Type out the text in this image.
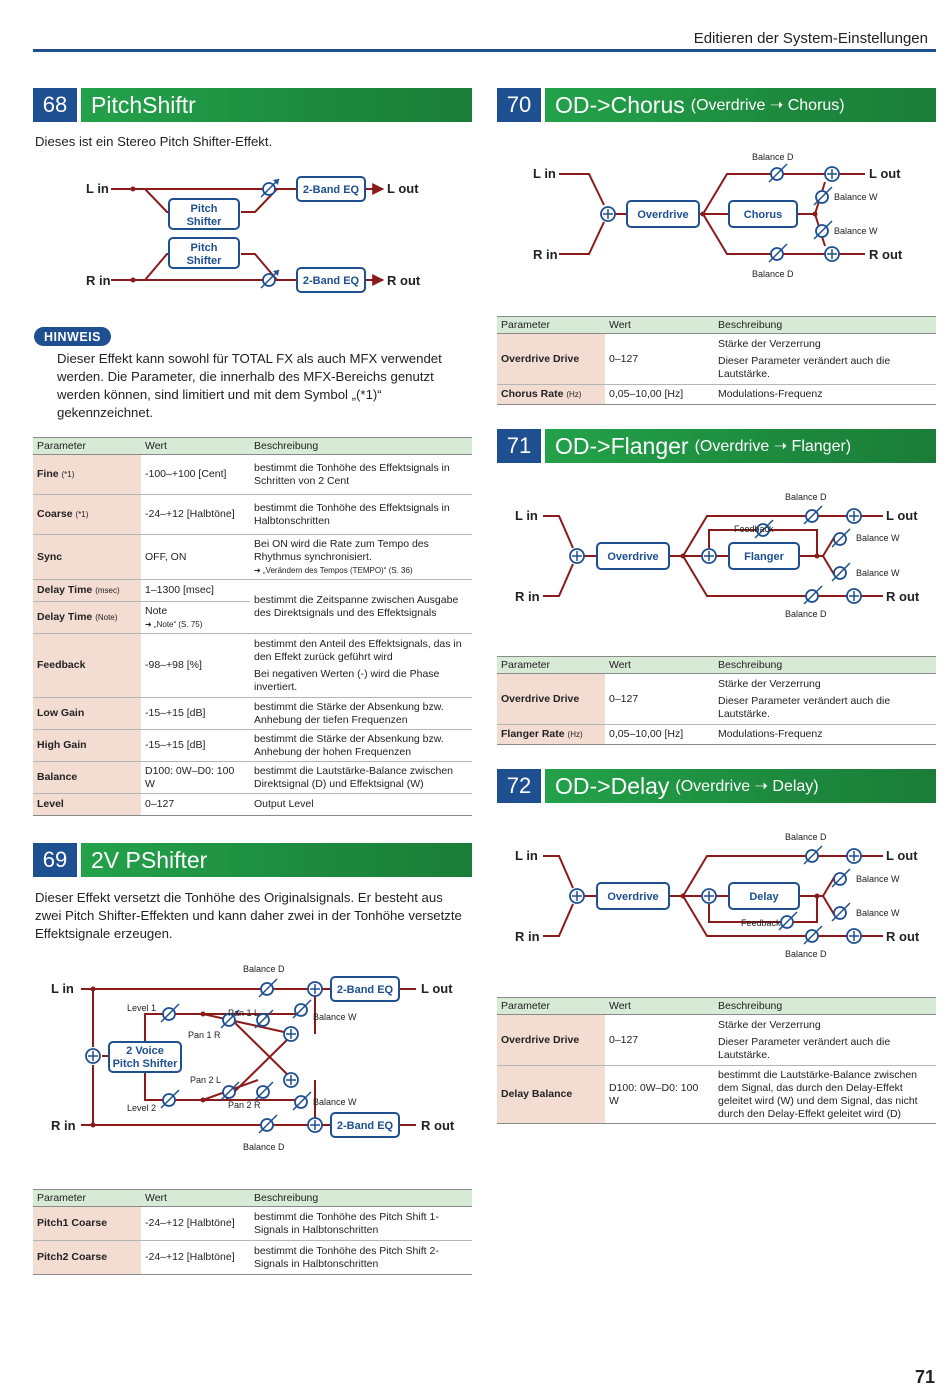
Editieren der System-Einstellungen
68	PitchShiftr
Dieses ist ein Stereo Pitch Shifter-Effekt.
Pitch
Shifter
Pitch
Shifter
2-Band EQ
2-Band EQ
L in
R in
L out
R out
HINWEIS
Dieser Effekt kann sowohl für TOTAL FX als auch MFX verwendet werden. Die Parameter, die innerhalb des MFX-Bereichs genutzt werden können, sind limitiert und mit dem Symbol „(*1)“ gekennzeichnet.
Parameter	Wert	Beschreibung
Fine (*1)	-100–+100 [Cent]	bestimmt die Tonhöhe des Effektsignals in Schritten von 2 Cent
Coarse (*1)	-24–+12 [Halbtöne]	bestimmt die Tonhöhe des Effektsignals in Halbtonschritten
Sync	OFF, ON	Bei ON wird die Rate zum Tempo des Rhythmus synchronisiert.
➜ „Verändern des Tempos (TEMPO)“ (S. 36)

Delay Time (msec)	1–1300 [msec]	bestimmt die Zeitspanne zwischen Ausgabe des Direktsignals und des Effektsignals
Delay Time (Note)	Note
➜ „Note“ (S. 75)	

Feedback	-98–+98 [%]	bestimmt den Anteil des Effektsignals, das in den Effekt zurück geführt wird
Bei negativen Werten (-) wird die Phase invertiert.

Low Gain	-15–+15 [dB]	bestimmt die Stärke der Absenkung bzw. Anhebung der tiefen Frequenzen
High Gain	-15–+15 [dB]	bestimmt die Stärke der Absenkung bzw. Anhebung der hohen Frequenzen
Balance	D100: 0W–D0: 100 W	bestimmt die Lautstärke-Balance zwischen Direktsignal (D) und Effektsignal (W)
Level	0–127	Output Level
69	2V PShifter
Dieser Effekt versetzt die Tonhöhe des Originalsignals. Er besteht aus zwei Pitch Shifter-Effekten und kann daher zwei in der Tonhöhe versetzte Effektsignale erzeugen.
2 Voice
Pitch Shifter
2-Band EQ
2-Band EQ
Balance D
Balance D
Balance W
Balance W
Level 1
Level 2
Pan 1 L
Pan 1 R
Pan 2 L
Pan 2 R
L in
R in
L out
R out
Parameter	Wert	Beschreibung
Pitch1 Coarse	-24–+12 [Halbtöne]	bestimmt die Tonhöhe des Pitch Shift 1-Signals in Halbtonschritten
Pitch2 Coarse	-24–+12 [Halbtöne]	bestimmt die Tonhöhe des Pitch Shift 2-Signals in Halbtonschritten
70	OD->Chorus (Overdrive ➝ Chorus)
Overdrive	Chorus
Balance D
Balance D
Balance W
Balance W
L in
R in
L out
R out
Parameter	Wert	Beschreibung
Overdrive Drive	0–127	Stärke der Verzerrung
Dieser Parameter verändert auch die Lautstärke.

Chorus Rate (Hz)	0,05–10,00 [Hz]	Modulations-Frequenz
71	OD->Flanger (Overdrive ➝ Flanger)
Overdrive	Flanger
Balance D
Balance D
Balance W
Balance W
Feedback
L in
R in
L out
R out
Parameter	Wert	Beschreibung
Overdrive Drive	0–127	Stärke der Verzerrung
Dieser Parameter verändert auch die Lautstärke.

Flanger Rate (Hz)	0,05–10,00 [Hz]	Modulations-Frequenz
72	OD->Delay (Overdrive ➝ Delay)
Overdrive	Delay
Balance D
Balance D
Balance W
Balance W
Feedback
L in
R in
L out
R out
Parameter	Wert	Beschreibung
Overdrive Drive	0–127	Stärke der Verzerrung
Dieser Parameter verändert auch die Lautstärke.

Delay Balance	D100: 0W–D0: 100 W	bestimmt die Lautstärke-Balance zwischen dem Signal, das durch den Delay-Effekt geleitet wird (W) und dem Signal, das nicht durch den Delay-Effekt geleitet wird (D)
71
